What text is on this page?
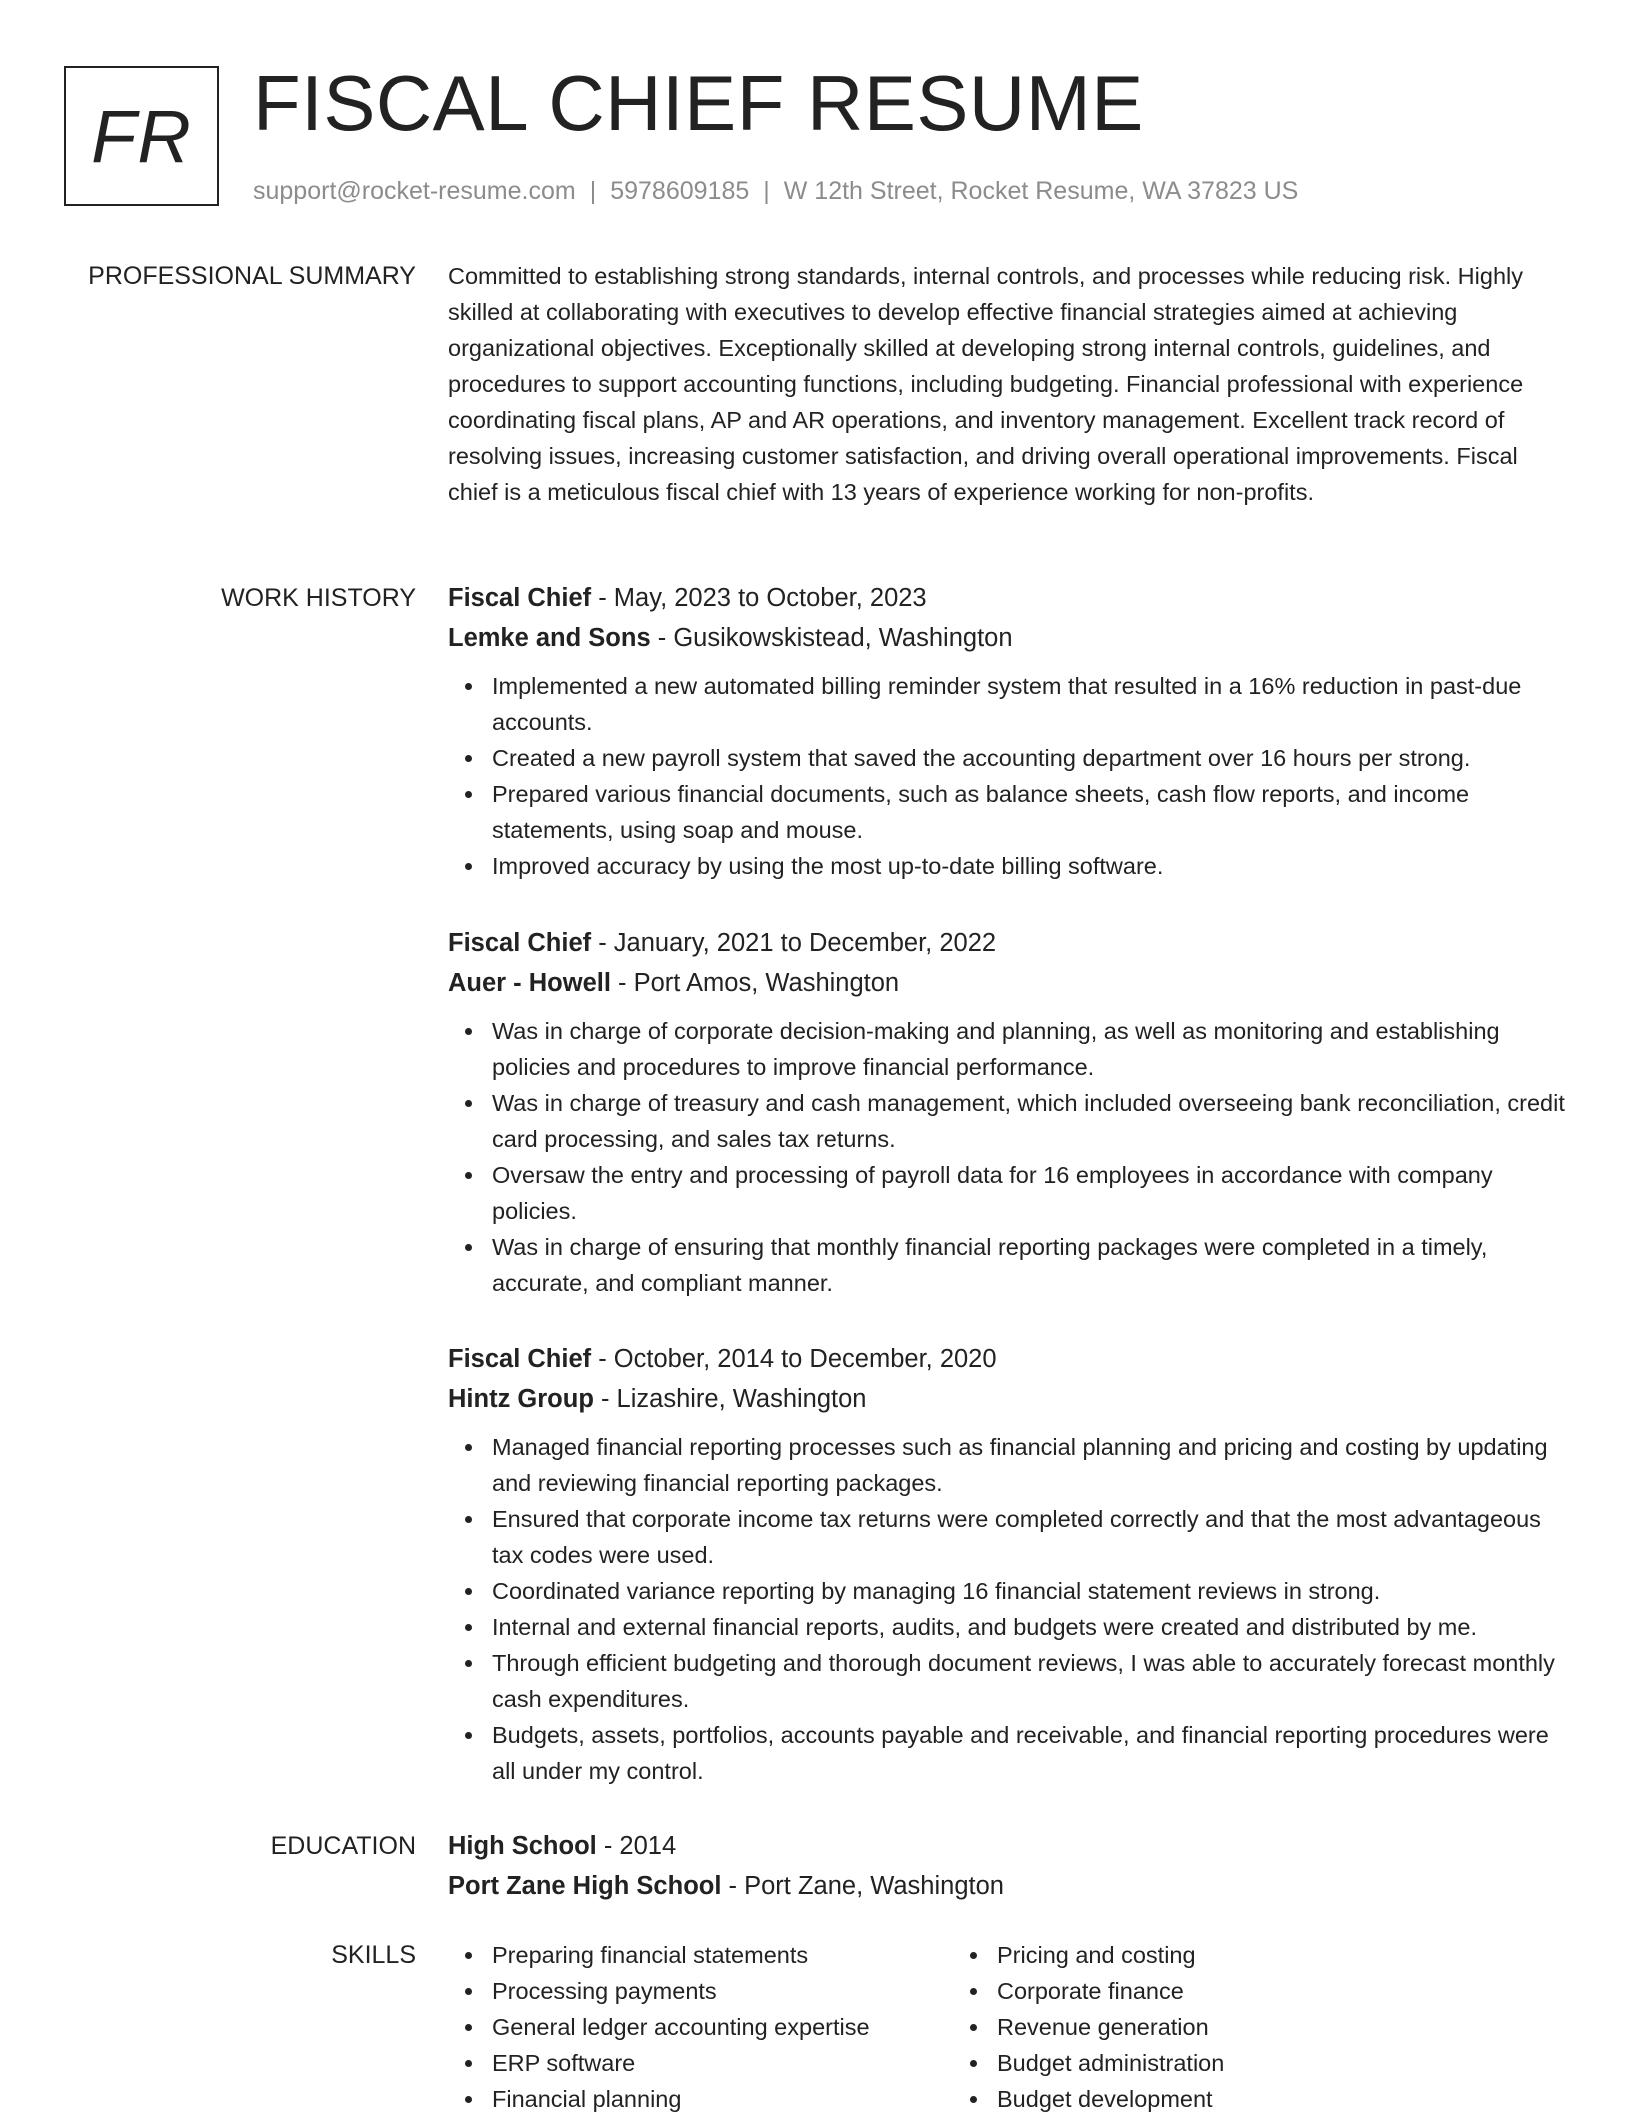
FR FISCAL CHIEF RESUME
support@rocket-resume.com | 5978609185 | W 12th Street, Rocket Resume, WA 37823 US
PROFESSIONAL SUMMARY Committed to establishing strong standards, internal controls, and processes while reducing risk. Highly skilled at collaborating with executives to develop effective financial strategies aimed at achieving organizational objectives. Exceptionally skilled at developing strong internal controls, guidelines, and procedures to support accounting functions, including budgeting. Financial professional with experience coordinating fiscal plans, AP and AR operations, and inventory management. Excellent track record of resolving issues, increasing customer satisfaction, and driving overall operational improvements. Fiscal chief is a meticulous fiscal chief with 13 years of experience working for non-profits.

WORK HISTORY Fiscal Chief - May, 2023 to October, 2023
Lemke and Sons - Gusikowskistead, Washington
Implemented a new automated billing reminder system that resulted in a 16% reduction in past-due accounts.
Created a new payroll system that saved the accounting department over 16 hours per strong.
Prepared various financial documents, such as balance sheets, cash flow reports, and income statements, using soap and mouse.
Improved accuracy by using the most up-to-date billing software.
Fiscal Chief - January, 2021 to December, 2022
Auer - Howell - Port Amos, Washington
Was in charge of corporate decision-making and planning, as well as monitoring and establishing policies and procedures to improve financial performance.
Was in charge of treasury and cash management, which included overseeing bank reconciliation, credit card processing, and sales tax returns.
Oversaw the entry and processing of payroll data for 16 employees in accordance with company policies.
Was in charge of ensuring that monthly financial reporting packages were completed in a timely, accurate, and compliant manner.
Fiscal Chief - October, 2014 to December, 2020
Hintz Group - Lizashire, Washington
Managed financial reporting processes such as financial planning and pricing and costing by updating and reviewing financial reporting packages.
Ensured that corporate income tax returns were completed correctly and that the most advantageous tax codes were used.
Coordinated variance reporting by managing 16 financial statement reviews in strong.
Internal and external financial reports, audits, and budgets were created and distributed by me.
Through efficient budgeting and thorough document reviews, I was able to accurately forecast monthly cash expenditures.
Budgets, assets, portfolios, accounts payable and receivable, and financial reporting procedures were all under my control.
EDUCATION High School - 2014
Port Zane High School - Port Zane, Washington
SKILLS	Preparing financial statements
Processing payments
General ledger accounting expertise
ERP software
Financial planning
Pricing and costing
Corporate finance
Revenue generation
Budget administration
Budget development
